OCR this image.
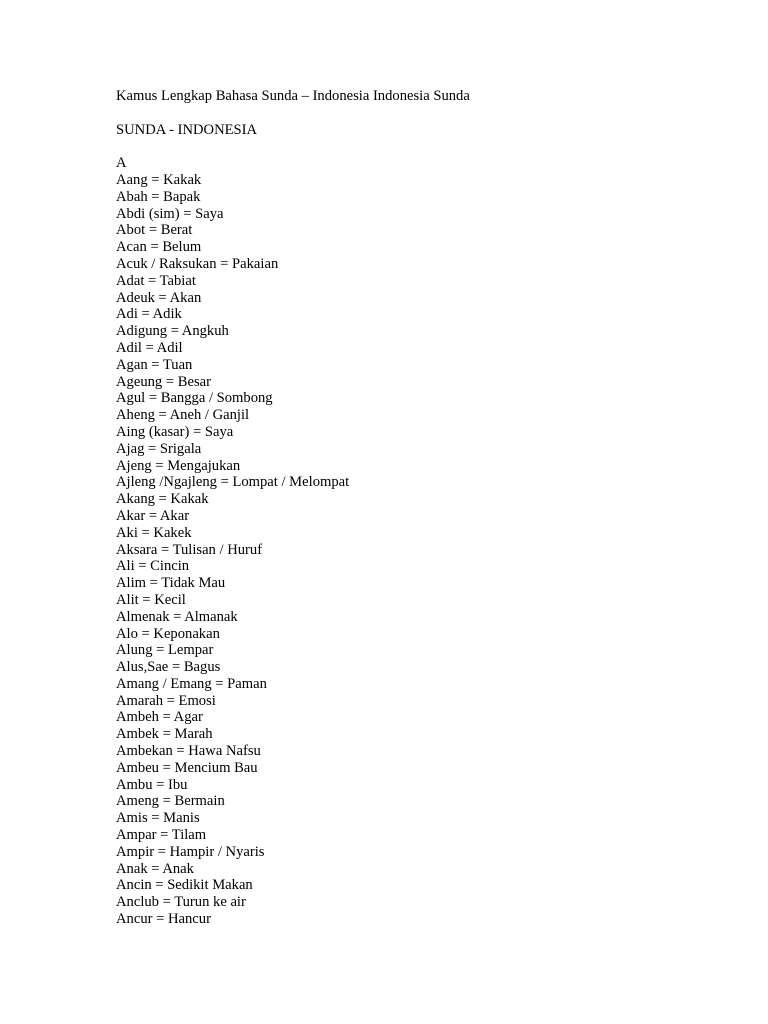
Kamus Lengkap Bahasa Sunda – Indonesia Indonesia Sunda
SUNDA - INDONESIA
A
Aang = Kakak
Abah = Bapak
Abdi (sim) = Saya
Abot = Berat
Acan = Belum
Acuk / Raksukan = Pakaian
Adat = Tabiat
Adeuk = Akan
Adi = Adik
Adigung = Angkuh
Adil = Adil
Agan = Tuan
Ageung = Besar
Agul = Bangga / Sombong
Aheng = Aneh / Ganjil
Aing (kasar) = Saya
Ajag = Srigala
Ajeng = Mengajukan
Ajleng /Ngajleng = Lompat / Melompat
Akang = Kakak
Akar = Akar
Aki = Kakek
Aksara = Tulisan / Huruf
Ali = Cincin
Alim = Tidak Mau
Alit = Kecil
Almenak = Almanak
Alo = Keponakan
Alung = Lempar
Alus,Sae = Bagus
Amang / Emang = Paman
Amarah = Emosi
Ambeh = Agar
Ambek = Marah
Ambekan = Hawa Nafsu
Ambeu = Mencium Bau
Ambu = Ibu
Ameng = Bermain
Amis = Manis
Ampar = Tilam
Ampir = Hampir / Nyaris
Anak = Anak
Ancin = Sedikit Makan
Anclub = Turun ke air
Ancur = Hancur
